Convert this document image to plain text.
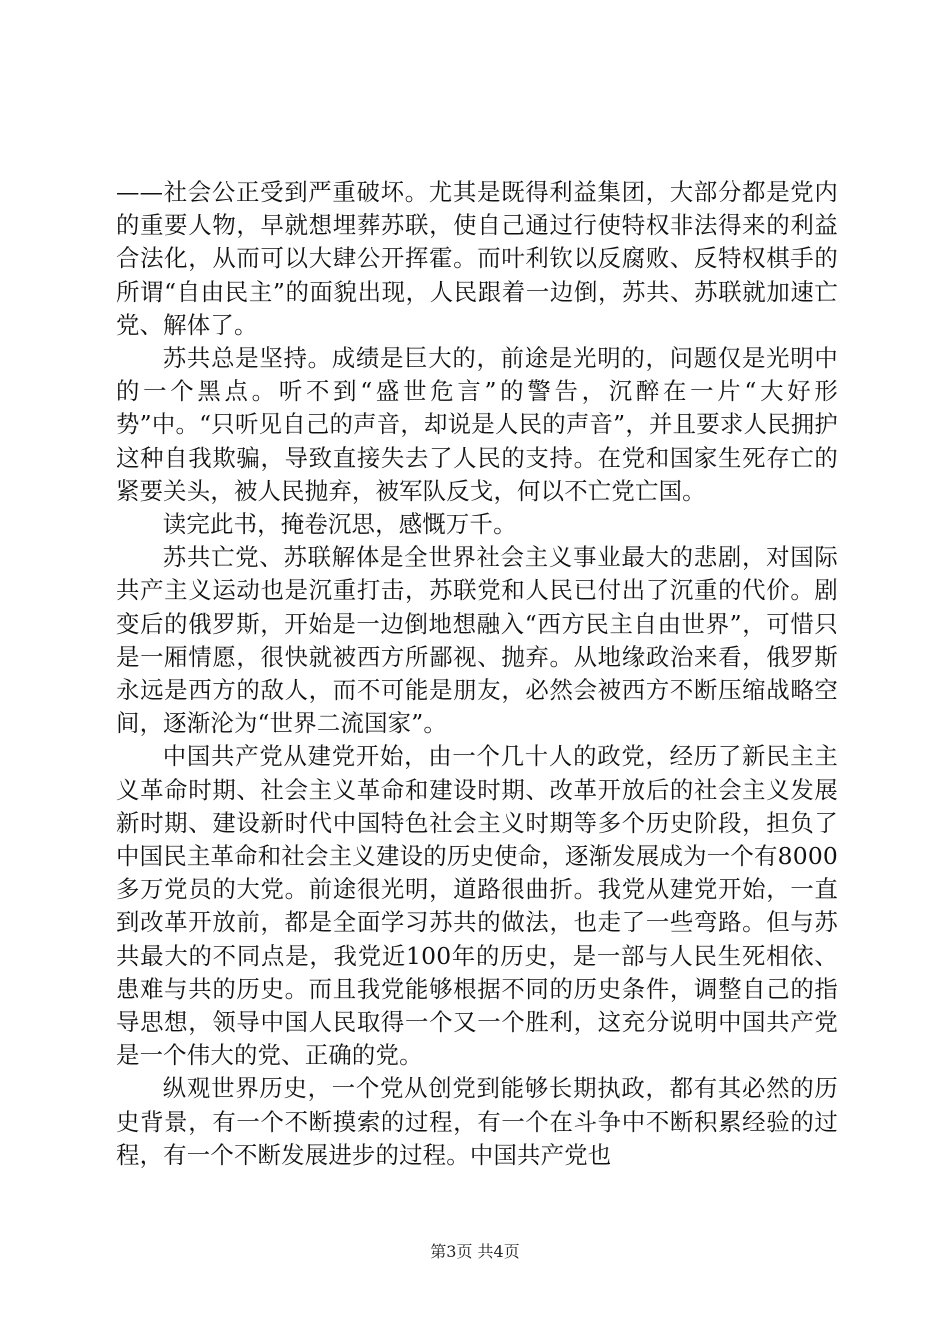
——社会公正受到严重破坏。尤其是既得利益集团，大部分都是党内的重要人物，早就想埋葬苏联，使自己通过行使特权非法得来的利益合法化，从而可以大肆公开挥霍。而叶利钦以反腐败、反特权棋手的所谓“自由民主”的面貌出现，人民跟着一边倒，苏共、苏联就加速亡党、解体了。

苏共总是坚持。成绩是巨大的，前途是光明的，问题仅是光明中的一个黑点。听不到“盛世危言”的警告，沉醉在一片“大好形势”中。“只听见自己的声音，却说是人民的声音”，并且要求人民拥护这种自我欺骗，导致直接失去了人民的支持。在党和国家生死存亡的紧要关头，被人民抛弃，被军队反戈，何以不亡党亡国。

读完此书，掩卷沉思，感慨万千。

苏共亡党、苏联解体是全世界社会主义事业最大的悲剧，对国际共产主义运动也是沉重打击，苏联党和人民已付出了沉重的代价。剧变后的俄罗斯，开始是一边倒地想融入“西方民主自由世界”，可惜只是一厢情愿，很快就被西方所鄙视、抛弃。从地缘政治来看，俄罗斯永远是西方的敌人，而不可能是朋友，必然会被西方不断压缩战略空间，逐渐沦为“世界二流国家”。

中国共产党从建党开始，由一个几十人的政党，经历了新民主主义革命时期、社会主义革命和建设时期、改革开放后的社会主义发展新时期、建设新时代中国特色社会主义时期等多个历史阶段，担负了中国民主革命和社会主义建设的历史使命，逐渐发展成为一个有8000多万党员的大党。前途很光明，道路很曲折。我党从建党开始，一直到改革开放前，都是全面学习苏共的做法，也走了一些弯路。但与苏共最大的不同点是，我党近100年的历史，是一部与人民生死相依、患难与共的历史。而且我党能够根据不同的历史条件，调整自己的指导思想，领导中国人民取得一个又一个胜利，这充分说明中国共产党是一个伟大的党、正确的党。

纵观世界历史，一个党从创党到能够长期执政，都有其必然的历史背景，有一个不断摸索的过程，有一个在斗争中不断积累经验的过程，有一个不断发展进步的过程。中国共产党也

第3页 共4页
